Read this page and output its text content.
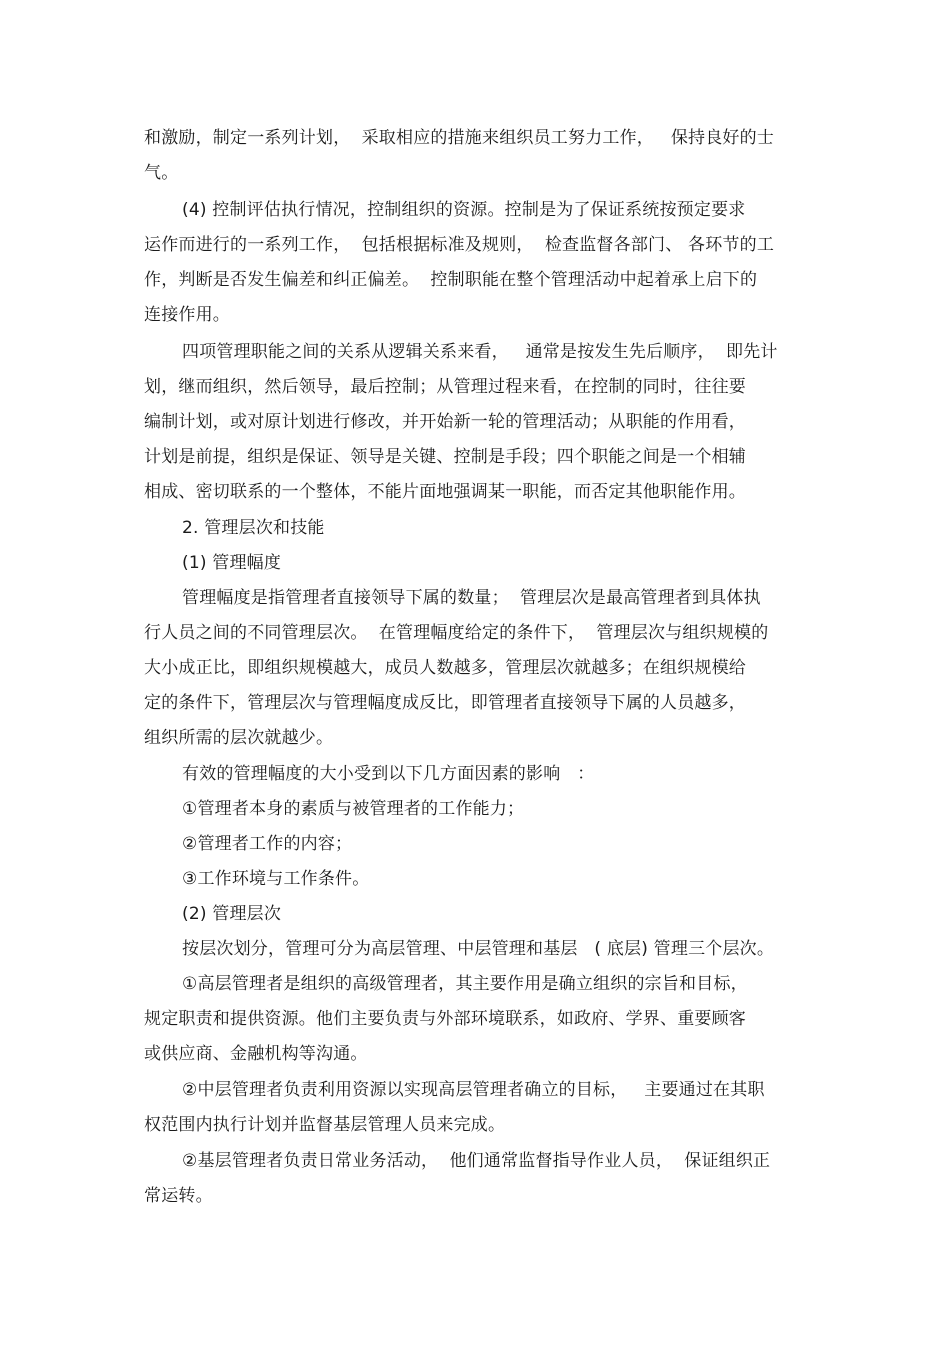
和激励，制定一系列计划，  采取相应的措施来组织员工努力工作，   保持良好的士
气。
(4) 控制评估执行情况，控制组织的资源。控制是为了保证系统按预定要求
运作而进行的一系列工作，  包括根据标准及规则，  检查监督各部门、 各环节的工
作，判断是否发生偏差和纠正偏差。  控制职能在整个管理活动中起着承上启下的
连接作用。
四项管理职能之间的关系从逻辑关系来看，   通常是按发生先后顺序，  即先计
划，继而组织，然后领导，最后控制；从管理过程来看，在控制的同时，往往要
编制计划，或对原计划进行修改，并开始新一轮的管理活动；从职能的作用看，
计划是前提，组织是保证、领导是关键、控制是手段；四个职能之间是一个相辅
相成、密切联系的一个整体，不能片面地强调某一职能，而否定其他职能作用。
2. 管理层次和技能
(1) 管理幅度
管理幅度是指管理者直接领导下属的数量；  管理层次是最高管理者到具体执
行人员之间的不同管理层次。  在管理幅度给定的条件下，  管理层次与组织规模的
大小成正比，即组织规模越大，成员人数越多，管理层次就越多；在组织规模给
定的条件下，管理层次与管理幅度成反比，即管理者直接领导下属的人员越多，
组织所需的层次就越少。
有效的管理幅度的大小受到以下几方面因素的影响   ：
①管理者本身的素质与被管理者的工作能力；
②管理者工作的内容；
③工作环境与工作条件。
(2) 管理层次
按层次划分，管理可分为高层管理、中层管理和基层   ( 底层) 管理三个层次。
①高层管理者是组织的高级管理者，其主要作用是确立组织的宗旨和目标，
规定职责和提供资源。他们主要负责与外部环境联系，如政府、学界、重要顾客
或供应商、金融机构等沟通。
②中层管理者负责利用资源以实现高层管理者确立的目标，   主要通过在其职
权范围内执行计划并监督基层管理人员来完成。
②基层管理者负责日常业务活动，  他们通常监督指导作业人员，  保证组织正
常运转。
